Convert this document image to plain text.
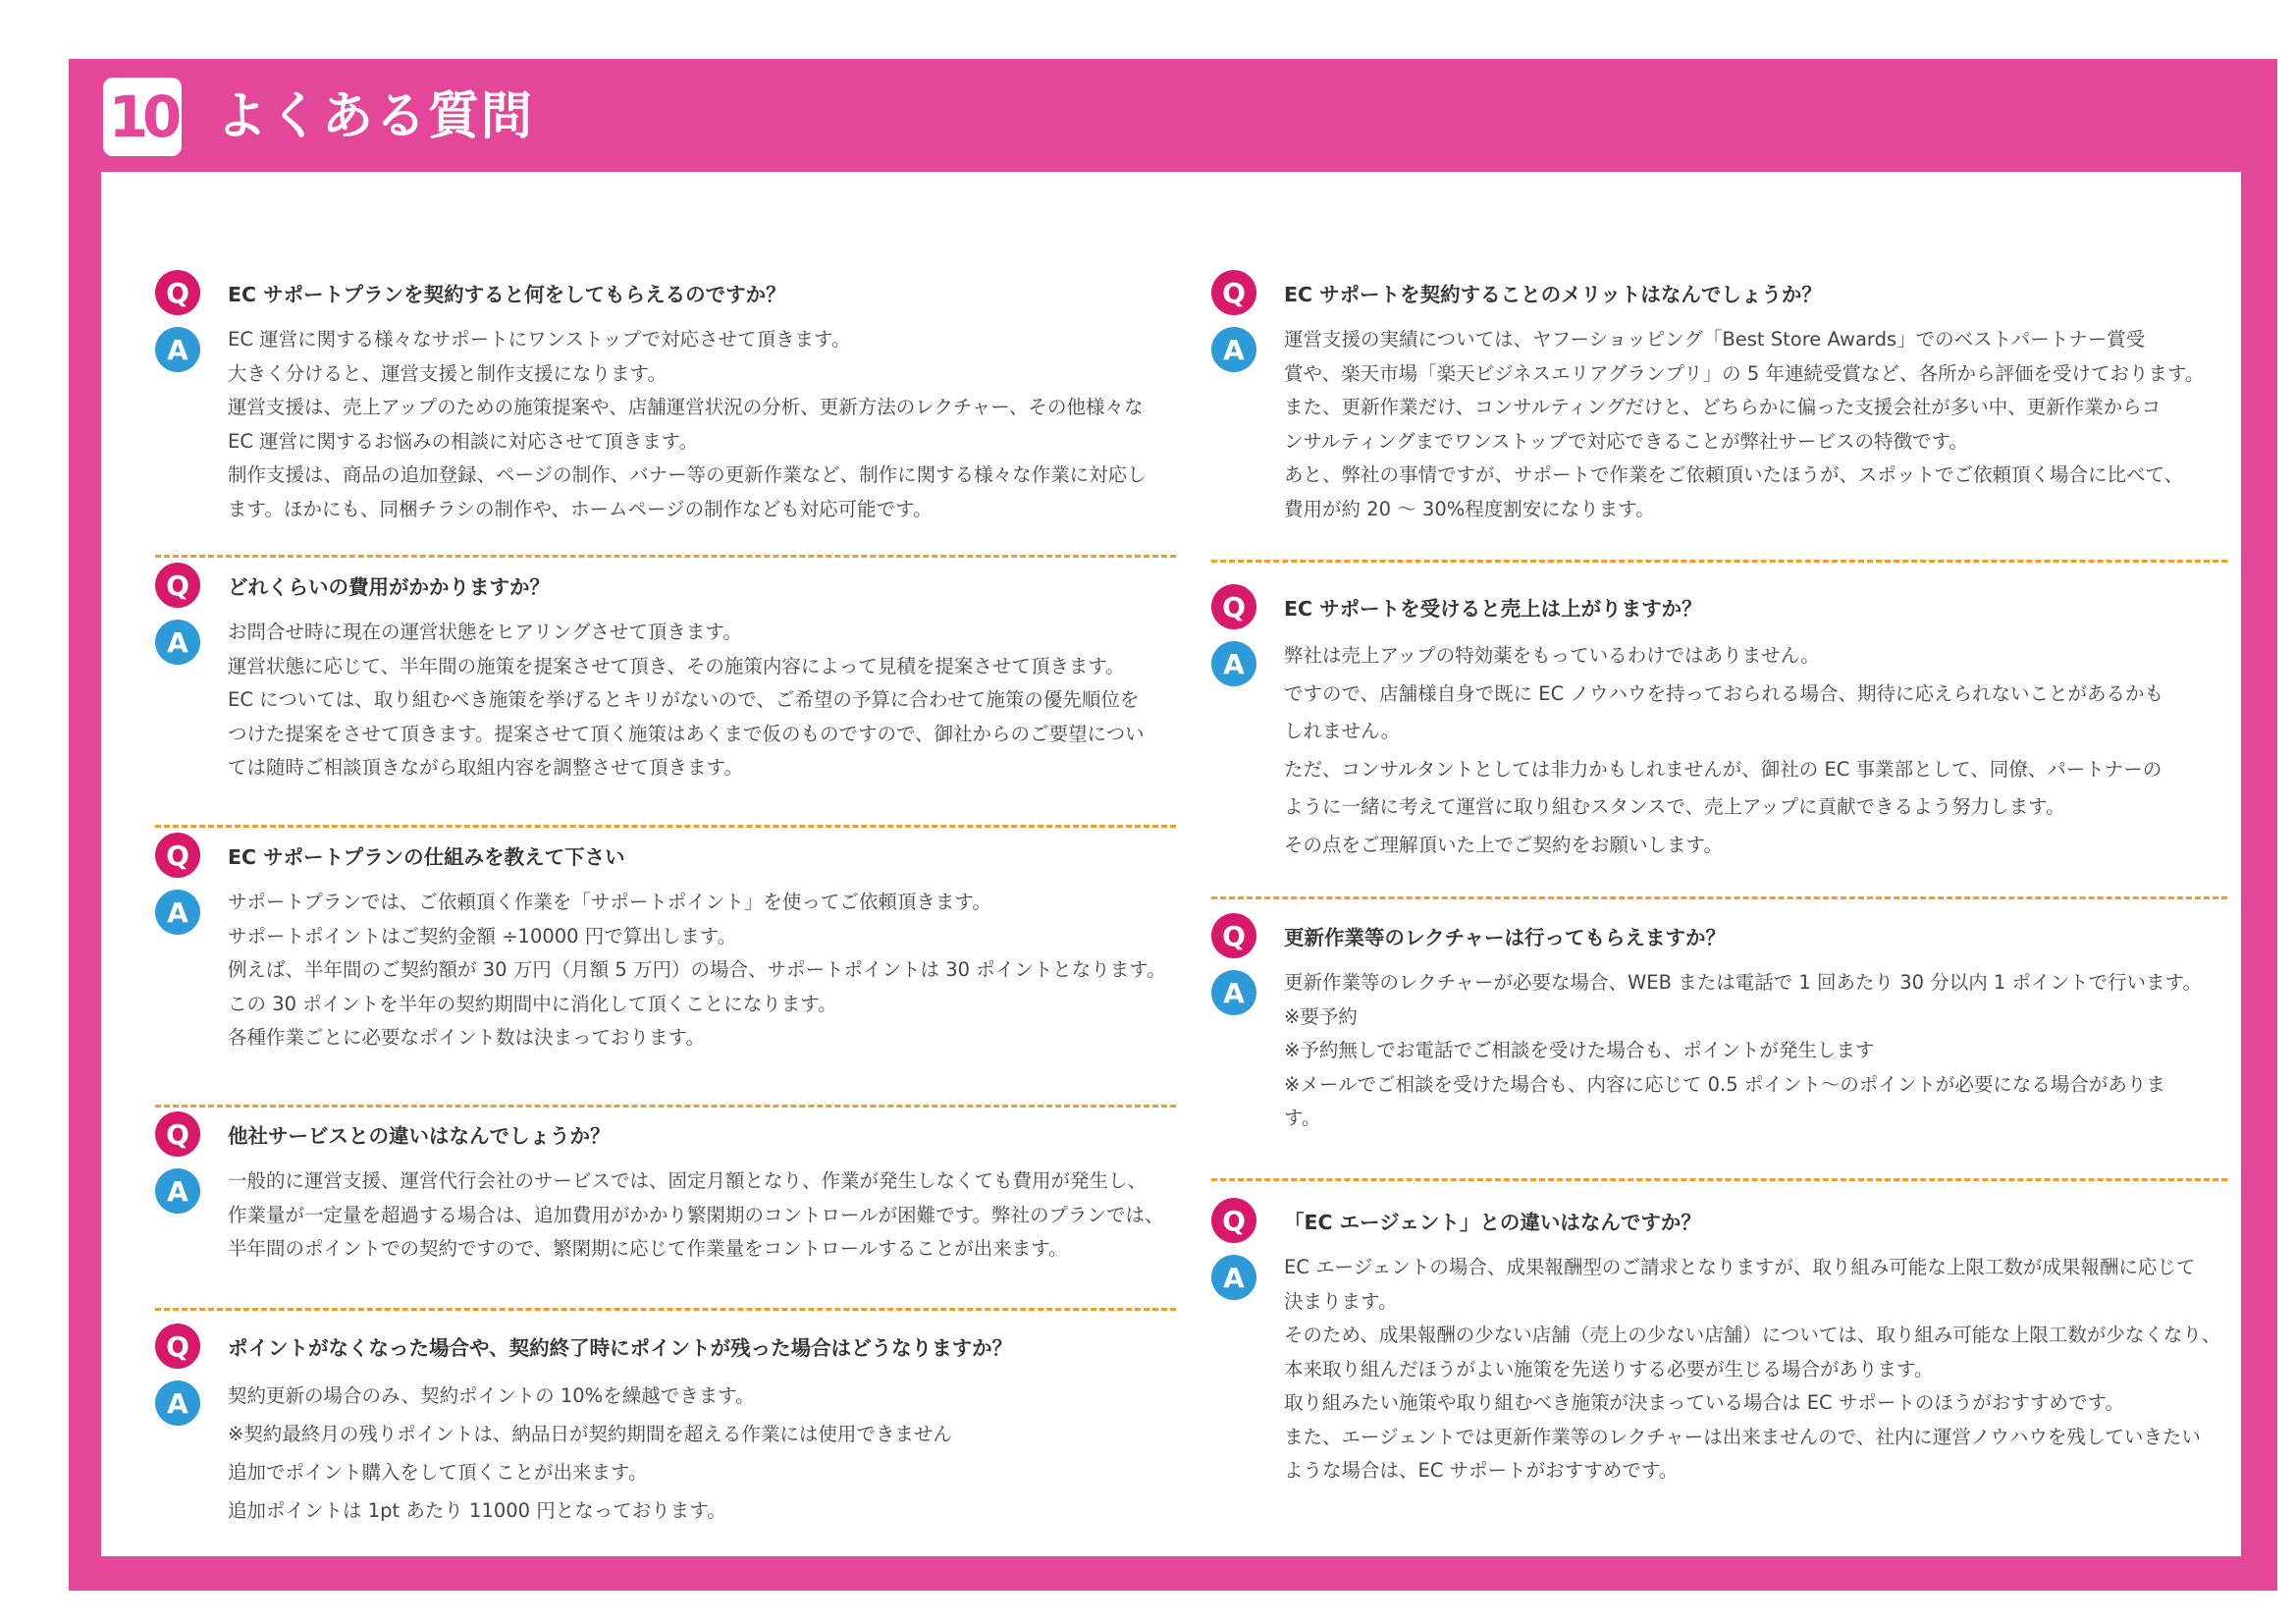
10 よくある質問
Q	EC サポートプランを契約すると何をしてもらえるのですか？
A	EC 運営に関する様々なサポートにワンストップで対応させて頂きます。
大きく分けると、運営支援と制作支援になります。
運営支援は、売上アップのための施策提案や、店舗運営状況の分析、更新方法のレクチャー、その他様々な
EC 運営に関するお悩みの相談に対応させて頂きます。
制作支援は、商品の追加登録、ページの制作、バナー等の更新作業など、制作に関する様々な作業に対応し
ます。ほかにも、同梱チラシの制作や、ホームページの制作なども対応可能です。
Q	どれくらいの費用がかかりますか？
A	お問合せ時に現在の運営状態をヒアリングさせて頂きます。
運営状態に応じて、半年間の施策を提案させて頂き、その施策内容によって見積を提案させて頂きます。
EC については、取り組むべき施策を挙げるとキリがないので、ご希望の予算に合わせて施策の優先順位を
つけた提案をさせて頂きます。提案させて頂く施策はあくまで仮のものですので、御社からのご要望につい
ては随時ご相談頂きながら取組内容を調整させて頂きます。
Q	EC サポートプランの仕組みを教えて下さい
A	サポートプランでは、ご依頼頂く作業を「サポートポイント」を使ってご依頼頂きます。
サポートポイントはご契約金額 ÷10000 円で算出します。
例えば、半年間のご契約額が 30 万円（月額 5 万円）の場合、サポートポイントは 30 ポイントとなります。
この 30 ポイントを半年の契約期間中に消化して頂くことになります。
各種作業ごとに必要なポイント数は決まっております。
Q	他社サービスとの違いはなんでしょうか？
A	一般的に運営支援、運営代行会社のサービスでは、固定月額となり、作業が発生しなくても費用が発生し、
作業量が一定量を超過する場合は、追加費用がかかり繁閑期のコントロールが困難です。弊社のプランでは、
半年間のポイントでの契約ですので、繁閑期に応じて作業量をコントロールすることが出来ます。
Q	ポイントがなくなった場合や、契約終了時にポイントが残った場合はどうなりますか？
A	契約更新の場合のみ、契約ポイントの 10%を繰越できます。
※契約最終月の残りポイントは、納品日が契約期間を超える作業には使用できません
追加でポイント購入をして頂くことが出来ます。
追加ポイントは 1pt あたり 11000 円となっております。
Q	EC サポートを契約することのメリットはなんでしょうか？
A	運営支援の実績については、ヤフーショッピング「Best Store Awards」でのベストパートナー賞受
賞や、楽天市場「楽天ビジネスエリアグランプリ」の 5 年連続受賞など、各所から評価を受けております。
また、更新作業だけ、コンサルティングだけと、どちらかに偏った支援会社が多い中、更新作業からコ
ンサルティングまでワンストップで対応できることが弊社サービスの特徴です。
あと、弊社の事情ですが、サポートで作業をご依頼頂いたほうが、スポットでご依頼頂く場合に比べて、
費用が約 20 ～ 30%程度割安になります。
Q	EC サポートを受けると売上は上がりますか？
A	弊社は売上アップの特効薬をもっているわけではありません。
ですので、店舗様自身で既に EC ノウハウを持っておられる場合、期待に応えられないことがあるかも
しれません。
ただ、コンサルタントとしては非力かもしれませんが、御社の EC 事業部として、同僚、パートナーの
ように一緒に考えて運営に取り組むスタンスで、売上アップに貢献できるよう努力します。
その点をご理解頂いた上でご契約をお願いします。
Q	更新作業等のレクチャーは行ってもらえますか？
A	更新作業等のレクチャーが必要な場合、WEB または電話で 1 回あたり 30 分以内 1 ポイントで行います。
※要予約
※予約無しでお電話でご相談を受けた場合も、ポイントが発生します
※メールでご相談を受けた場合も、内容に応じて 0.5 ポイント～のポイントが必要になる場合がありま
す。
Q	「EC エージェント」との違いはなんですか？
A	EC エージェントの場合、成果報酬型のご請求となりますが、取り組み可能な上限工数が成果報酬に応じて
決まります。
そのため、成果報酬の少ない店舗（売上の少ない店舗）については、取り組み可能な上限工数が少なくなり、
本来取り組んだほうがよい施策を先送りする必要が生じる場合があります。
取り組みたい施策や取り組むべき施策が決まっている場合は EC サポートのほうがおすすめです。
また、エージェントでは更新作業等のレクチャーは出来ませんので、社内に運営ノウハウを残していきたい
ような場合は、EC サポートがおすすめです。
